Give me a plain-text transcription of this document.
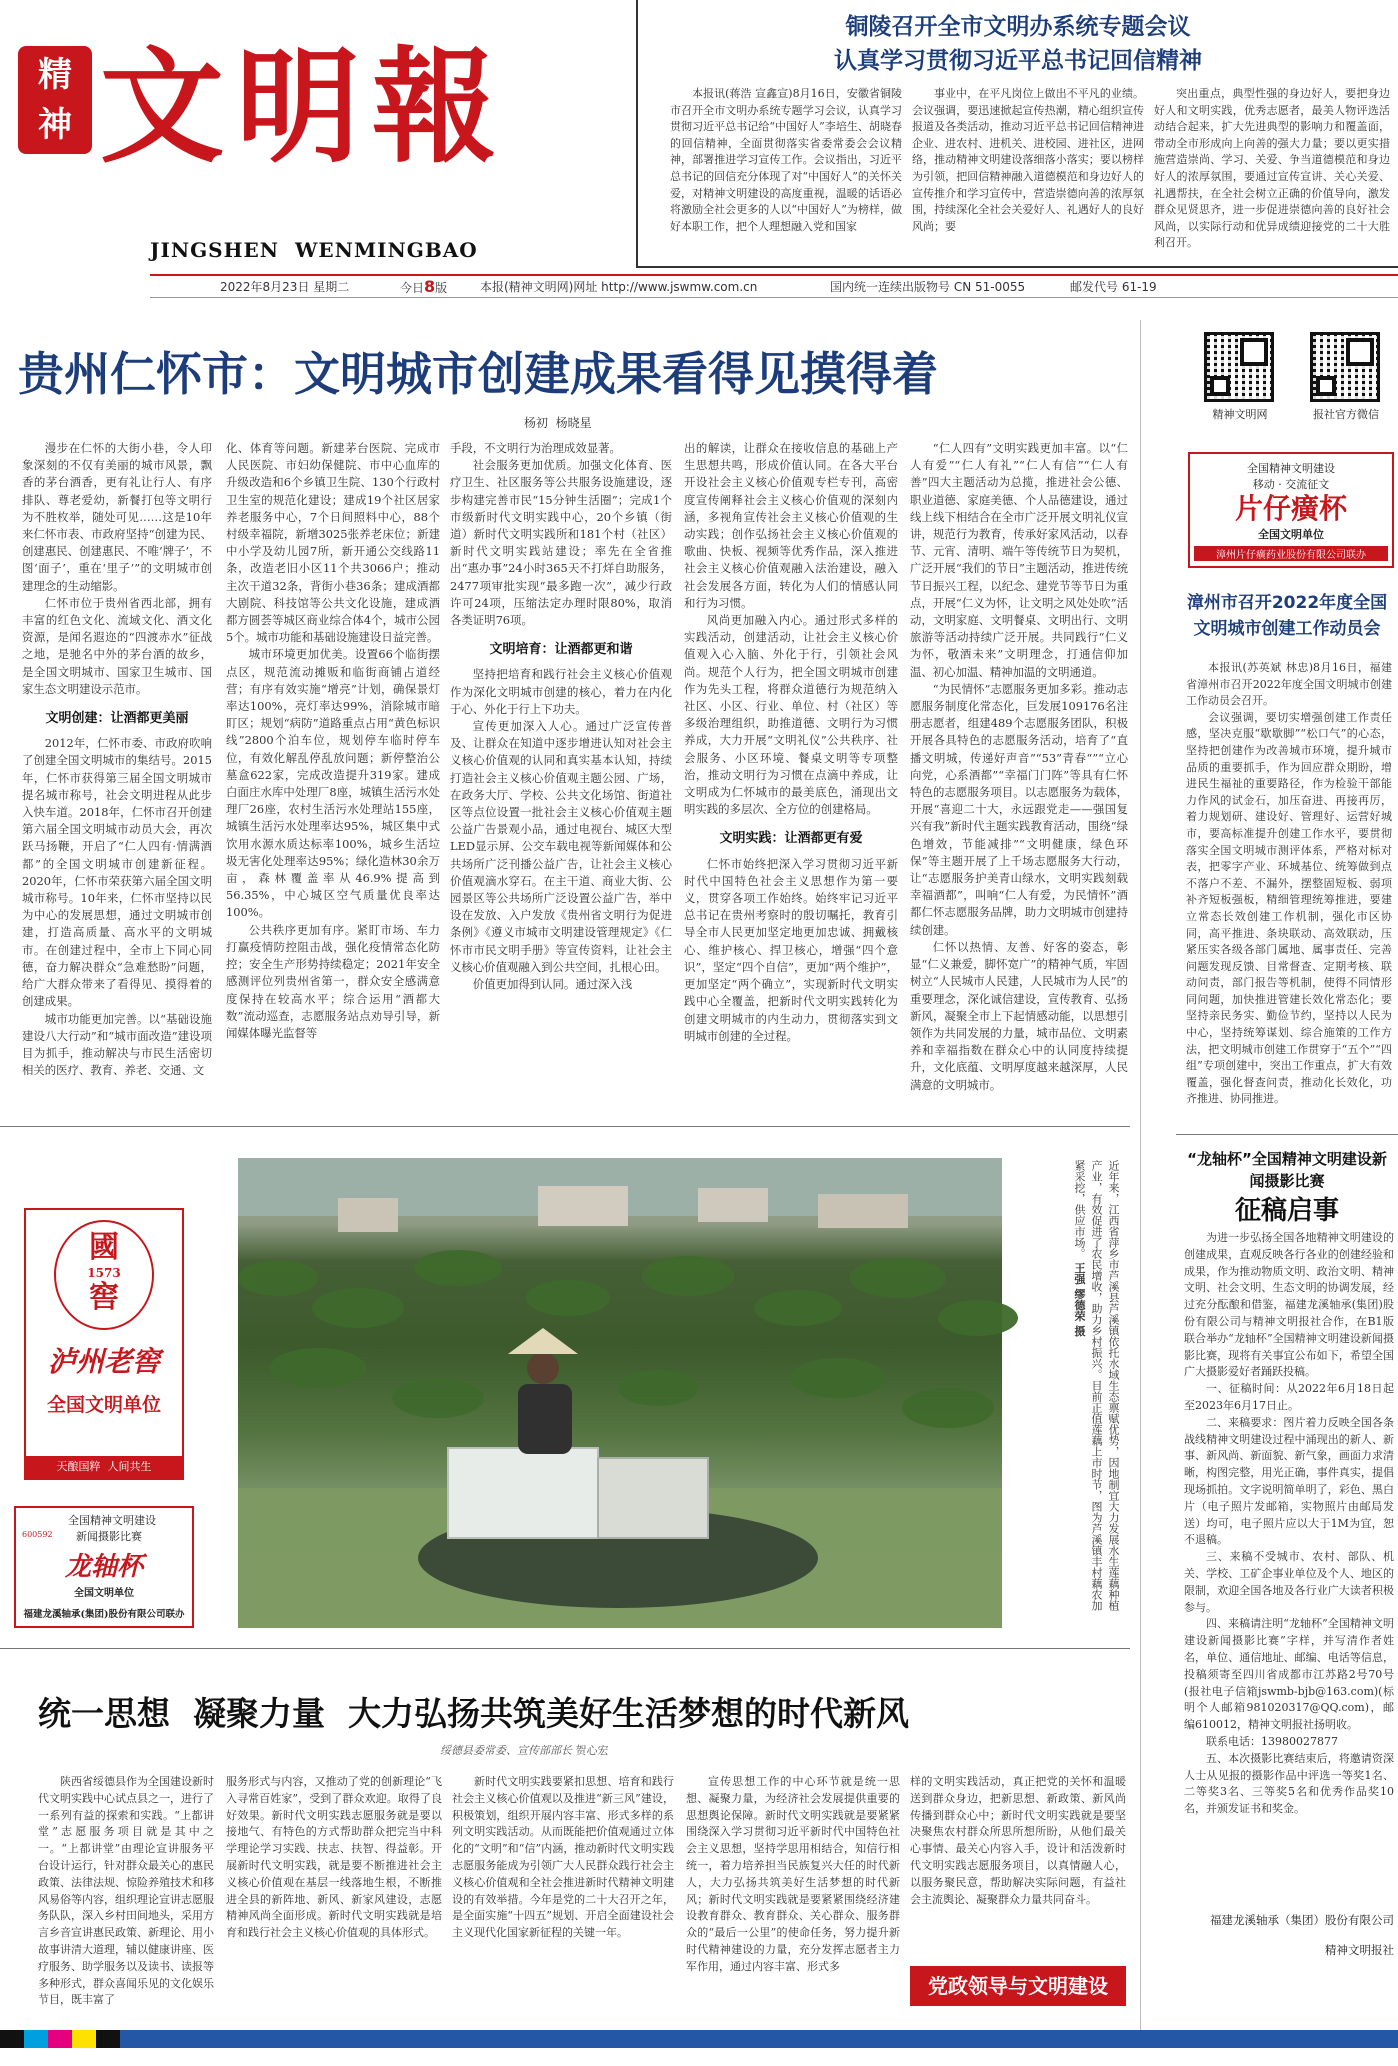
精
神 文 明 報
JINGSHEN  WENMINGBAO
铜陵召开全市文明办系统专题会议
认真学习贯彻习近平总书记回信精神

本报讯(蒋浩 宣鑫宣)8月16日，安徽省铜陵市召开全市文明办系统专题学习会议，认真学习贯彻习近平总书记给“中国好人”李培生、胡晓春的回信精神，全面贯彻落实省委常委会会议精神，部署推进学习宣传工作。会议指出，习近平总书记的回信充分体现了对“中国好人”的关怀关爱，对精神文明建设的高度重视，温暖的话语必将激励全社会更多的人以“中国好人”为榜样，做好本职工作，把个人理想融入党和国家

事业中，在平凡岗位上做出不平凡的业绩。会议强调，要迅速掀起宣传热潮，精心组织宣传报道及各类活动，推动习近平总书记回信精神进企业、进农村、进机关、进校园、进社区，进网络，推动精神文明建设落细落小落实；要以榜样为引领，把回信精神融入道德模范和身边好人的宣传推介和学习宣传中，营造崇德向善的浓厚氛围，持续深化全社会关爱好人、礼遇好人的良好风尚；要

突出重点，典型性强的身边好人，要把身边好人和文明实践，优秀志愿者，最美人物评选活动结合起来，扩大先进典型的影响力和覆盖面，带动全市形成向上向善的强大力量；要以更实措施营造崇尚、学习、关爱、争当道德模范和身边好人的浓厚氛围，要通过宣传宣讲、关心关爱、礼遇帮扶，在全社会树立正确的价值导向，激发群众见贤思齐，进一步促进崇德向善的良好社会风尚，以实际行动和优异成绩迎接党的二十大胜利召开。

2022年8月23日 星期二	今日8版	本报(精神文明网)网址 http://www.jswmw.com.cn	国内统一连续出版物号 CN 51-0055	邮发代号 61-19
贵州仁怀市：文明城市创建成果看得见摸得着
杨初  杨晓星

漫步在仁怀的大街小巷，令人印象深刻的不仅有美丽的城市风景，飘香的茅台酒香，更有礼让行人、有序排队、尊老爱幼，新餐打包等文明行为不胜枚举，随处可见……这是10年来仁怀市表、市政府坚持“创建为民、创建惠民、创建惠民、不唯‘牌子’，不图‘面子’，重在‘里子’”的文明城市创建理念的生动缩影。

仁怀市位于贵州省西北部，拥有丰富的红色文化、流域文化、酒文化资源，是闻名遐迩的“四渡赤水”征战之地，是驰名中外的茅台酒的故乡，是全国文明城市、国家卫生城市、国家生态文明建设示范市。

文明创建：让酒都更美丽

2012年，仁怀市委、市政府吹响了创建全国文明城市的集结号。2015年，仁怀市获得第三届全国文明城市提名城市称号，社会文明进程从此步入快车道。2018年，仁怀市召开创建第六届全国文明城市动员大会，再次跃马扬鞭，开启了“仁人四有·情满酒都”的全国文明城市创建新征程。2020年，仁怀市荣获第六届全国文明城市称号。10年来，仁怀市坚持以民为中心的发展思想，通过文明城市创建，打造高质量、高水平的文明城市。在创建过程中，全市上下同心同德，奋力解决群众“急难愁盼”问题，给广大群众带来了看得见、摸得着的创建成果。

城市功能更加完善。以“基础设施建设八大行动”和“城市面改造”建设项目为抓手，推动解决与市民生活密切相关的医疗、教育、养老、交通、文

化、体育等问题。新建茅台医院、完成市人民医院、市妇幼保健院、市中心血库的升级改造和6个乡镇卫生院、130个行政村卫生室的规范化建设；建成19个社区居家养老服务中心，7个日间照料中心，88个村级幸福院，新增3025张养老床位；新建中小学及幼儿园7所，新开通公交线路11条，改造老旧小区11个共3066户；推动主次干道32条，背街小巷36条；建成酒都大剧院、科技馆等公共文化设施，建成酒都方圆荟等城区商业综合体4个，城市公园5个。城市功能和基础设施建设日益完善。

城市环境更加优美。设置66个临街摆点区，规范流动摊贩和临街商铺占道经营；有序有效实施“增亮”计划，确保景灯率达100%，亮灯率达99%，消除城市暗盯区；规划“病防”道路重点占用“黄色标识线”2800个泊车位，规划停车临时停车位，有效化解乱停乱放问题；新停整治公墓盒622家，完成改造提升319家。建成白面庄水库中处理厂8座，城镇生活污水处理厂26座，农村生活污水处理站155座，城镇生活污水处理率达95%，城区集中式饮用水源水质达标率100%，城乡生活垃圾无害化处理率达95%；绿化造林30余万亩，森林覆盖率从46.9%提高到56.35%，中心城区空气质量优良率达100%。

公共秩序更加有序。紧盯市场、车力打赢疫情防控阻击战，强化疫情常态化防控；安全生产形势持续稳定；2021年安全感测评位列贵州省第一，群众安全感满意度保持在较高水平；综合运用“酒都大数”流动巡查，志愿服务站点劝导引导，新闻媒体曝光监督等

手段，不文明行为治理成效显著。

社会服务更加优质。加强文化体育、医疗卫生、社区服务等公共服务设施建设，逐步构建完善市民“15分钟生活圈”；完成1个市级新时代文明实践中心，20个乡镇（街道）新时代文明实践所和181个村（社区）新时代文明实践站建设；率先在全省推出“惠办事”24小时365天不打烊自助服务，2477项审批实现“最多跑一次”，减少行政许可24项，压缩法定办理时限80%，取消各类证明76项。

文明培育：让酒都更和谐

坚持把培育和践行社会主义核心价值观作为深化文明城市创建的核心，着力在内化于心、外化于行上下功夫。

宣传更加深入人心。通过广泛宣传普及、让群众在知道中逐步增进认知对社会主义核心价值观的认同和真实基本认知，持续打造社会主义核心价值观主题公园、广场，在政务大厅、学校、公共文化场馆、街道社区等点位设置一批社会主义核心价值观主题公益广告景观小品，通过电视台、城区大型LED显示屏、公交车载电视等新闻媒体和公共场所广泛刊播公益广告，让社会主义核心价值观滴水穿石。在主干道、商业大街、公园景区等公共场所广泛设置公益广告，举中设在发放、入户发放《贵州省文明行为促进条例》《遵义市城市文明建设管理规定》《仁怀市市民文明手册》等宣传资料，让社会主义核心价值观融入到公共空间，扎根心田。

价值更加得到认同。通过深入浅

出的解读，让群众在接收信息的基础上产生思想共鸣，形成价值认同。在各大平台开设社会主义核心价值观专栏专刊，高密度宣传阐释社会主义核心价值观的深刻内涵，多视角宣传社会主义核心价值观的生动实践；创作弘扬社会主义核心价值观的歌曲、快板、视频等优秀作品，深入推进社会主义核心价值观融入法治建设，融入社会发展各方面，转化为人们的情感认同和行为习惯。

风尚更加融入内心。通过形式多样的实践活动，创建活动，让社会主义核心价值观入心入脑、外化于行，引领社会风尚。规范个人行为，把全国文明城市创建作为先头工程，将群众道德行为规范纳入社区、小区、行业、单位、村（社区）等多级治理组织，助推道德、文明行为习惯养成，大力开展“文明礼仪”公共秩序、社会服务、小区环境、餐桌文明等专项整治，推动文明行为习惯在点滴中养成，让文明成为仁怀城市的最美底色，涌现出文明实践的多层次、全方位的创建格局。

文明实践：让酒都更有爱

仁怀市始终把深入学习贯彻习近平新时代中国特色社会主义思想作为第一要义，贯穿各项工作始终。始终牢记习近平总书记在贵州考察时的殷切嘱托，教育引导全市人民更加坚定地更加忠诚、拥戴核心、维护核心、捍卫核心，增强“四个意识”，坚定“四个自信”，更加“两个维护”，更加坚定“两个确立”，实现新时代文明实践中心全覆盖，把新时代文明实践转化为创建文明城市的内生动力，贯彻落实到文明城市创建的全过程。

“仁人四有”文明实践更加丰富。以“仁人有爱”“仁人有礼”“仁人有信”“仁人有善”四大主题活动为总揽，推进社会公德、职业道德、家庭美德、个人品德建设，通过线上线下相结合在全市广泛开展文明礼仪宣讲，规范行为教育，传承好家风活动，以春节、元宵、清明、端午等传统节日为契机，广泛开展“我们的节日”主题活动，推进传统节日振兴工程，以纪念、建党节等节日为重点，开展“仁义为怀，让文明之风处处吹”活动，文明家庭、文明餐桌、文明出行、文明旅游等活动持续广泛开展。共同践行“仁义为怀，敬酒未来”文明理念，打通信仰加温、初心加温、精神加温的文明通道。

“为民情怀”志愿服务更加多彩。推动志愿服务制度化常态化，巨发展109176名注册志愿者，组建489个志愿服务团队，积极开展各具特色的志愿服务活动，培育了“直播文明城，传递好声音”“53”青春“”“立心向党，心系酒都”“幸福门门阵”等具有仁怀特色的志愿服务项目。以志愿服务为载体，开展“喜迎二十大，永远跟党走——强国复兴有我”新时代主题实践教育活动，围绕“绿色增效，节能减排”“文明健康，绿色环保”等主题开展了上千场志愿服务大行动，让“志愿服务护美青山绿水，文明实践刻载幸福酒都”，叫响“仁人有爱，为民情怀”酒都仁怀志愿服务品牌，助力文明城市创建持续创建。

仁怀以热情、友善、好客的姿态，彰显“仁义兼爱，脚怀宽广”的精神气质，牢固树立“人民城市人民建，人民城市为人民”的重要理念，深化诚信建设，宣传教育、弘扬新风，凝聚全市上下起情感动能，以思想引领作为共同发展的力量，城市品位、文明素养和幸福指数在群众心中的认同度持续提升，文化底蕴、文明厚度越来越深厚，人民满意的文明城市。

精神文明网	报社官方微信
全国精神文明建设
移动 · 交流征文
片仔癀杯
全国文明单位
漳州片仔癀药业股份有限公司联办
漳州市召开2022年度全国文明城市创建工作动员会

本报讯(苏英斌 林忠)8月16日，福建省漳州市召开2022年度全国文明城市创建工作动员会召开。

会议强调，要切实增强创建工作责任感，坚决克服“歇歇脚”“松口气”的心态，坚持把创建作为改善城市环境，提升城市品质的重要抓手，作为回应群众期盼，增进民生福祉的重要路径，作为检验干部能力作风的试金石，加压奋进、再接再厉，着力规划研、建设好、管理好、运营好城市，要高标准提升创建工作水平，要贯彻落实全国文明城市测评体系，严格对标对表，把零字产业、环城基位、统筹做到点不落户不差、不漏外，摆整固短板、弱项补齐短板强板，精细管理统筹推进，要建立常态长效创建工作机制，强化市区协同，高平推进、条块联动、高效联动，压紧压实各级各部门属地、属事责任、完善问题发现反馈、目常督查、定期考核、联动问责，部门报告等机制，使得不同情形同问题，加快推进管建长效化常态化；要坚持亲民务实、勤俭节约，坚持以人民为中心，坚持统筹谋划、综合施策的工作方法，把文明城市创建工作贯穿于“五个”“四组”专项创建中，突出工作重点，扩大有效覆盖，强化督查问责，推动化长效化，功齐推进、协同推进。

國
1573
窖
泸州老窖
全国文明单位
天酿国粹  人间共生
600592
全国精神文明建设
新闻摄影比赛
龙轴杯
全国文明单位
福建龙溪轴承(集团)股份有限公司联办
近年来，江西省萍乡市芦溪县芦溪镇依托水域生态禀赋优势，因地制宜大力发展水生莲藕种植产业，有效促进了农民增收，助力乡村振兴。目前正值莲藕上市时节，图为芦溪镇丰村藕农加紧采挖，供应市场。 王强 缪德荣 摄
“龙轴杯”全国精神文明建设新闻摄影比赛
征稿启事

为进一步弘扬全国各地精神文明建设的创建成果，直观反映各行各业的创建经验和成果，作为推动物质文明、政治文明、精神文明、社会文明、生态文明的协调发展，经过充分酝酿和借鉴，福建龙溪轴承(集团)股份有限公司与精神文明报社合作，在B1版联合举办“龙轴杯”全国精神文明建设新闻摄影比赛，现将有关事宜公布如下，希望全国广大摄影爱好者踊跃投稿。

一、征稿时间：从2022年6月18日起至2023年6月17日止。

二、来稿要求：图片着力反映全国各条战线精神文明建设过程中涌现出的新人、新事、新风尚、新面貌、新气象，画面力求清晰，构图完整，用光正确，事件真实，提倡现场抓拍。文字说明简单明了，彩色、黑白片（电子照片发邮箱，实物照片由邮局发送）均可，电子照片应以大于1M为宜，恕不退稿。

三、来稿不受城市、农村、部队、机关、学校、工矿企事业单位及个人、地区的限制，欢迎全国各地及各行业广大读者积极参与。

四、来稿请注明“龙轴杯”全国精神文明建设新闻摄影比赛”字样，并写清作者姓名，单位、通信地址、邮编、电话等信息，投稿须寄至四川省成都市江苏路2号70号(报社电子信箱jswmb-bjb@163.com)(标明个人邮箱981020317@QQ.com)，邮编610012，精神文明报社扬明收。

联系电话：13980027877

五、本次摄影比赛结束后，将邀请资深人士从见报的摄影作品中评选一等奖1名、二等奖3名、三等奖5名和优秀作品奖10名，并颁发证书和奖金。

福建龙溪轴承（集团）股份有限公司
精神文明报社
统一思想  凝聚力量  大力弘扬共筑美好生活梦想的时代新风
绥德县委常委、宣传部部长 贺心宏

陕西省绥德县作为全国建设新时代文明实践中心试点县之一，进行了一系列有益的探索和实践。“上都讲堂”志愿服务项目就是其中之一。“上都讲堂”由理论宣讲服务平台设计运行，针对群众最关心的惠民政策、法律法规、惊险养殖技术和移风易俗等内容，组织理论宣讲志愿服务队队，深入乡村田间地头，采用方言乡音宣讲惠民政策、新理论、用小故事讲清大道理，辅以健康讲座、医疗服务、助学服务以及读书、读报等多种形式，群众喜闻乐见的文化娱乐节目，既丰富了

服务形式与内容，又推动了党的创新理论“飞入寻常百姓家”，受到了群众欢迎。取得了良好效果。新时代文明实践志愿服务就是要以接地气、有特色的方式帮助群众把完当中科学理论学习实践、扶志、扶智、得益彰。开展新时代文明实践，就是要不断推进社会主义核心价值观在基层一线落地生根，不断推进全县的新阵地、新风、新家风建设，志愿精神风尚全面形成。新时代文明实践就是培育和践行社会主义核心价值观的具体形式。

新时代文明实践要紧扣思想、培育和践行社会主义核心价值观以及推进“新三风”建设，积极策划，组织开展内容丰富、形式多样的系列文明实践活动。从而既能把价值观通过立体化的“文明”和“信”内涵，推动新时代文明实践志愿服务能成为引领广大人民群众践行社会主义核心价值观和全社会推进新时代精神文明建设的有效举措。今年是党的二十大召开之年，是全面实施“十四五”规划、开启全面建设社会主义现代化国家新征程的关键一年。

宣传思想工作的中心环节就是统一思想、凝聚力量，为经济社会发展提供重要的思想舆论保障。新时代文明实践就是要紧紧围绕深入学习贯彻习近平新时代中国特色社会主义思想，坚持学思用相结合，知信行相统一，着力培养担当民族复兴大任的时代新人，大力弘扬共筑美好生活梦想的时代新风；新时代文明实践就是要紧紧围绕经济建设教育群众、教育群众、关心群众、服务群众的“最后一公里”的使命任务，努力提升新时代精神建设的力量，充分发挥志愿者主力军作用，通过内容丰富、形式多

样的文明实践活动，真正把党的关怀和温暖送到群众身边，把新思想、新政策、新风尚传播到群众心中；新时代文明实践就是要坚决聚焦农村群众所思所想所盼，从他们最关心事情、最关心内容入手，设计和活泼新时代文明实践志愿服务项目，以真情融人心，以服务聚民意，帮助解决实际问题，有益社会主流舆论、凝聚群众力量共同奋斗。

党政领导与文明建设

《准予广告发布登记决定书》编号(川市监广登字[2019]0001号)   电子信箱：jswmb-bjb@163.com     定价：月价34元   季价99元   全年价398元     编辑  吴海燕
